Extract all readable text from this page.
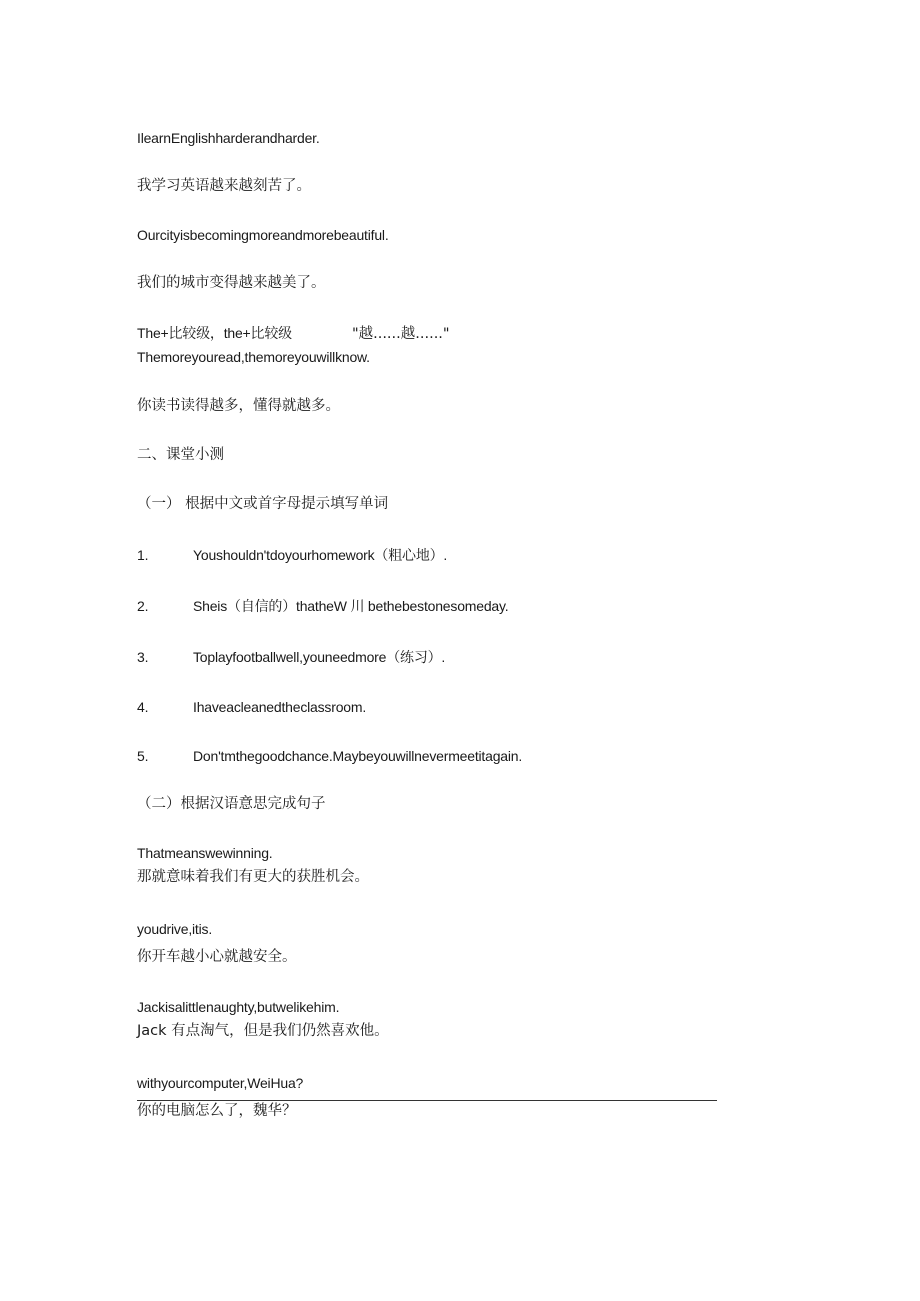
IlearnEnglishharderandharder.
我学习英语越来越刻苦了。
Ourcityisbecomingmoreandmorebeautiful.
我们的城市变得越来越美了。
The+比较级，the+比较级	"越......越......"
Themoreyouread,themoreyouwillknow.
你读书读得越多，懂得就越多。
二、课堂小测
（一） 根据中文或首字母提示填写单词
1.	Youshouldn'tdoyourhomework（粗心地）.
2.	Sheis（自信的）thatheW 川 bethebestonesomeday.
3.	Toplayfootballwell,youneedmore（练习）.
4.	Ihaveacleanedtheclassroom.
5.	Don'tmthegoodchance.Maybeyouwillnevermeetitagain.
（二）根据汉语意思完成句子
Thatmeanswewinning.
那就意味着我们有更大的获胜机会。
youdrive,itis.
你开车越小心就越安全。
Jackisalittlenaughty,butwelikehim.
Jack 有点淘气，但是我们仍然喜欢他。
withyourcomputer,WeiHua?
你的电脑怎么了，魏华？
